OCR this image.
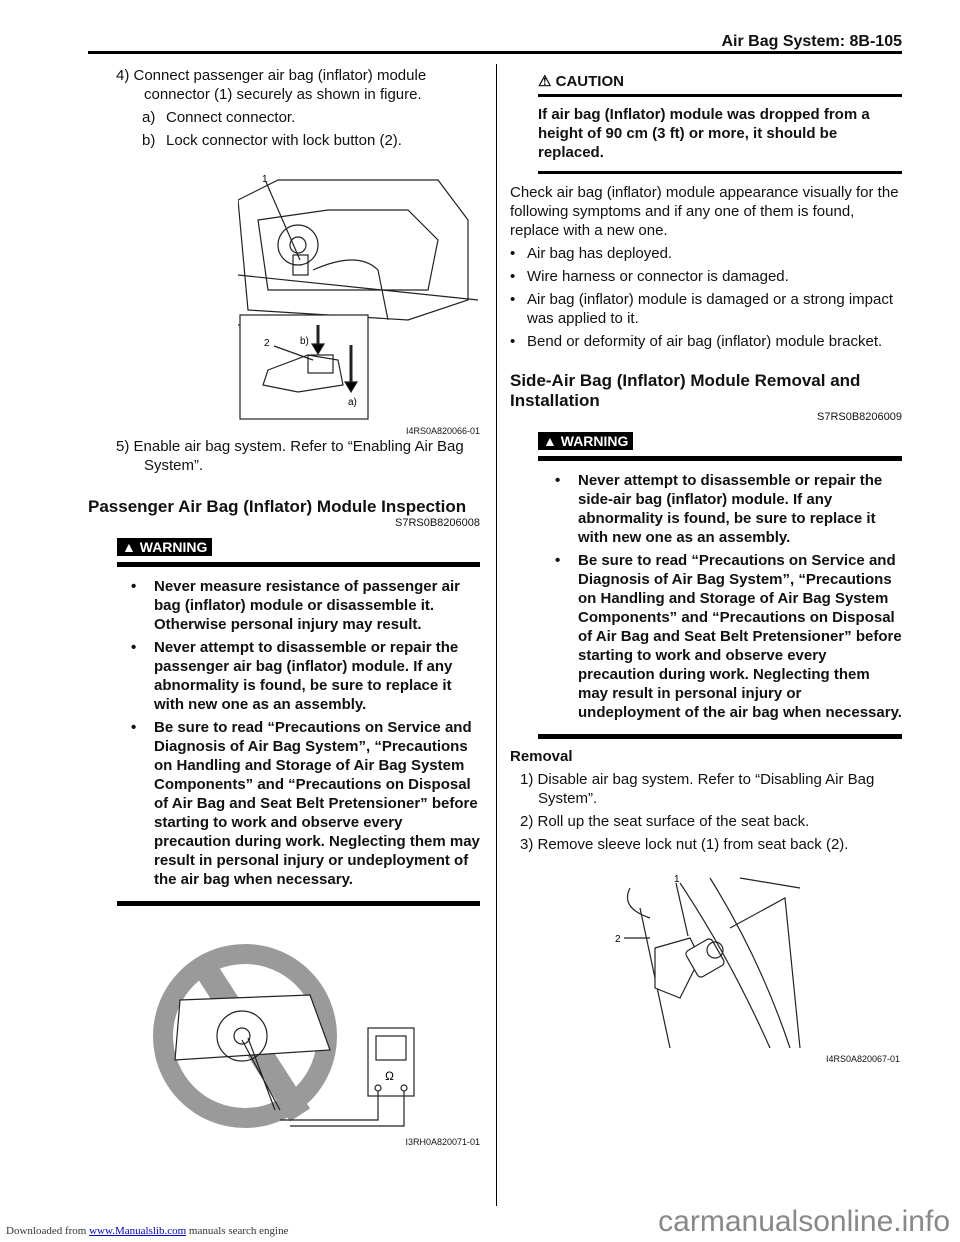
Air Bag System: 8B-105
4) Connect passenger air bag (inflator) module connector (1) securely as shown in figure.
a) Connect connector.
b) Lock connector with lock button (2).
1
2	b)
a)
I4RS0A820066-01
5) Enable air bag system. Refer to “Enabling Air Bag System”.
Passenger Air Bag (Inflator) Module Inspection
S7RS0B8206008
▲ WARNING
• Never measure resistance of passenger air bag (inflator) module or disassemble it. Otherwise personal injury may result.
• Never attempt to disassemble or repair the passenger air bag (inflator) module. If any abnormality is found, be sure to replace it with new one as an assembly.
• Be sure to read “Precautions on Service and Diagnosis of Air Bag System”, “Precautions on Handling and Storage of Air Bag System Components” and “Precautions on Disposal of Air Bag and Seat Belt Pretensioner” before starting to work and observe every precaution during work. Neglecting them may result in personal injury or undeployment of the air bag when necessary.
Ω
I3RH0A820071-01
⚠ CAUTION
If air bag (Inflator) module was dropped from a height of 90 cm (3 ft) or more, it should be replaced.
Check air bag (inflator) module appearance visually for the following symptoms and if any one of them is found, replace with a new one.
• Air bag has deployed.
• Wire harness or connector is damaged.
• Air bag (inflator) module is damaged or a strong impact was applied to it.
• Bend or deformity of air bag (inflator) module bracket.
Side-Air Bag (Inflator) Module Removal and Installation
S7RS0B8206009
▲ WARNING
• Never attempt to disassemble or repair the side-air bag (inflator) module. If any abnormality is found, be sure to replace it with new one as an assembly.
• Be sure to read “Precautions on Service and Diagnosis of Air Bag System”, “Precautions on Handling and Storage of Air Bag System Components” and “Precautions on Disposal of Air Bag and Seat Belt Pretensioner” before starting to work and observe every precaution during work. Neglecting them may result in personal injury or undeployment of the air bag when necessary.
Removal
1) Disable air bag system. Refer to “Disabling Air Bag System”.
2) Roll up the seat surface of the seat back.
3) Remove sleeve lock nut (1) from seat back (2).
1
2
I4RS0A820067-01
Downloaded from www.Manualslib.com manuals search engine	carmanualsonline.info
